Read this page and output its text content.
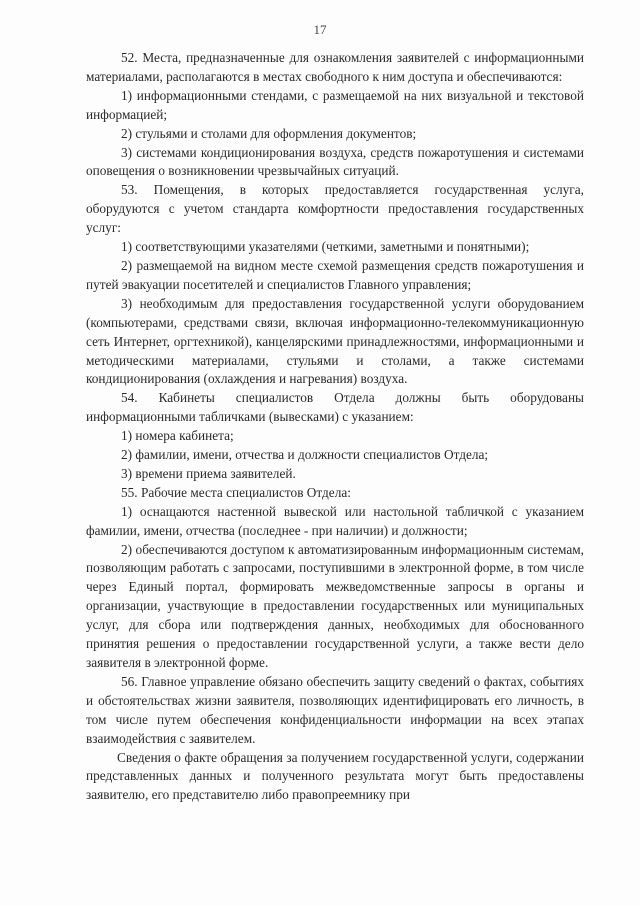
17

52. Места, предназначенные для ознакомления заявителей с информационными материалами, располагаются в местах свободного к ним доступа и обеспечиваются:

1) информационными стендами, с размещаемой на них визуальной и текстовой информацией;

2) стульями и столами для оформления документов;

3) системами кондиционирования воздуха, средств пожаротушения и системами оповещения о возникновении чрезвычайных ситуаций.

53. Помещения, в которых предоставляется государственная услуга, оборудуются с учетом стандарта комфортности предоставления государственных услуг:

1) соответствующими указателями (четкими, заметными и понятными);

2) размещаемой на видном месте схемой размещения средств пожаротушения и путей эвакуации посетителей и специалистов Главного управления;

3) необходимым для предоставления государственной услуги оборудованием (компьютерами, средствами связи, включая информационно-телекоммуникационную сеть Интернет, оргтехникой), канцелярскими принадлежностями, информационными и методическими материалами, стульями и столами, а также системами кондиционирования (охлаждения и нагревания) воздуха.

54. Кабинеты специалистов Отдела должны быть оборудованы информационными табличками (вывесками) с указанием:

1) номера кабинета;

2) фамилии, имени, отчества и должности специалистов Отдела;

3) времени приема заявителей.

55. Рабочие места специалистов Отдела:

1) оснащаются настенной вывеской или настольной табличкой с указанием фамилии, имени, отчества (последнее - при наличии) и должности;

2) обеспечиваются доступом к автоматизированным информационным системам, позволяющим работать с запросами, поступившими в электронной форме, в том числе через Единый портал, формировать межведомственные запросы в органы и организации, участвующие в предоставлении государственных или муниципальных услуг, для сбора или подтверждения данных, необходимых для обоснованного принятия решения о предоставлении государственной услуги, а также вести дело заявителя в электронной форме.

56. Главное управление обязано обеспечить защиту сведений о фактах, событиях и обстоятельствах жизни заявителя, позволяющих идентифицировать его личность, в том числе путем обеспечения конфиденциальности информации на всех этапах взаимодействия с заявителем.

Сведения о факте обращения за получением государственной услуги, содержании представленных данных и полученного результата могут быть предоставлены заявителю, его представителю либо правопреемнику при
